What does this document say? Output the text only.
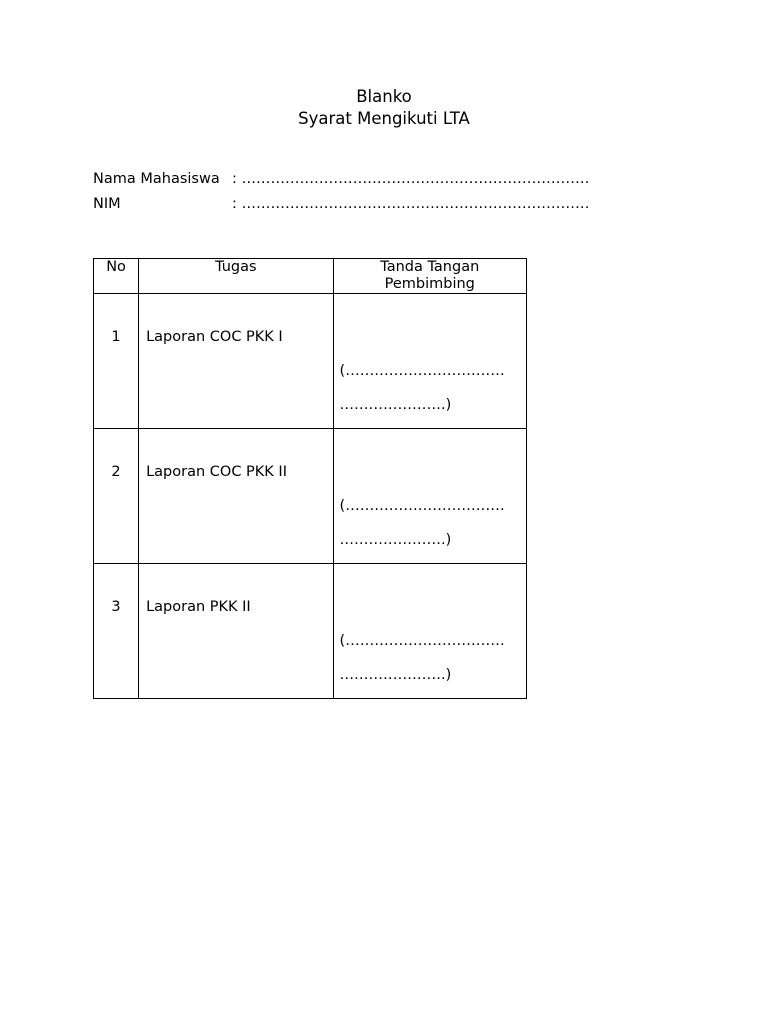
Blanko
Syarat Mengikuti LTA
Nama Mahasiswa : ………………………………………………………………
NIM	: ………………………………………………………………
No	Tugas	Tanda Tangan
Pembimbing

1	Laporan COC PKK I	(……………………………
………………….)

2	Laporan COC PKK II	(……………………………
………………….)

3	Laporan PKK II	(……………………………
………………….)
